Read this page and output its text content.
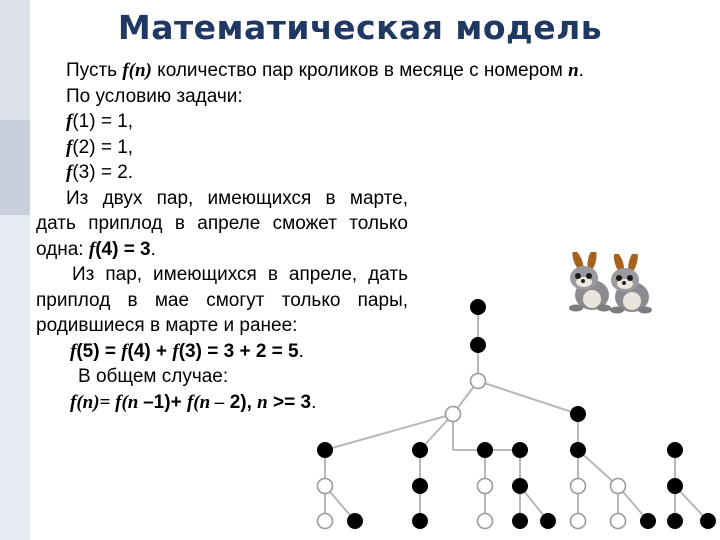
Математическая модель
Пусть f(n) количество пар кроликов в месяце с номером n.
По условию задачи:
f(1) = 1,
f(2) = 1,
f(3) = 2.
Из двух пар, имеющихся в марте,
дать приплод в апреле сможет только
одна: f(4) = 3.
Из пар, имеющихся в апреле, дать
приплод в мае смогут только пары,
родившиеся в марте и ранее:
f(5) = f(4) + f(3) = 3 + 2 = 5.
В общем случае:
f(n)= f(n –1)+ f(n – 2), n >= 3.
